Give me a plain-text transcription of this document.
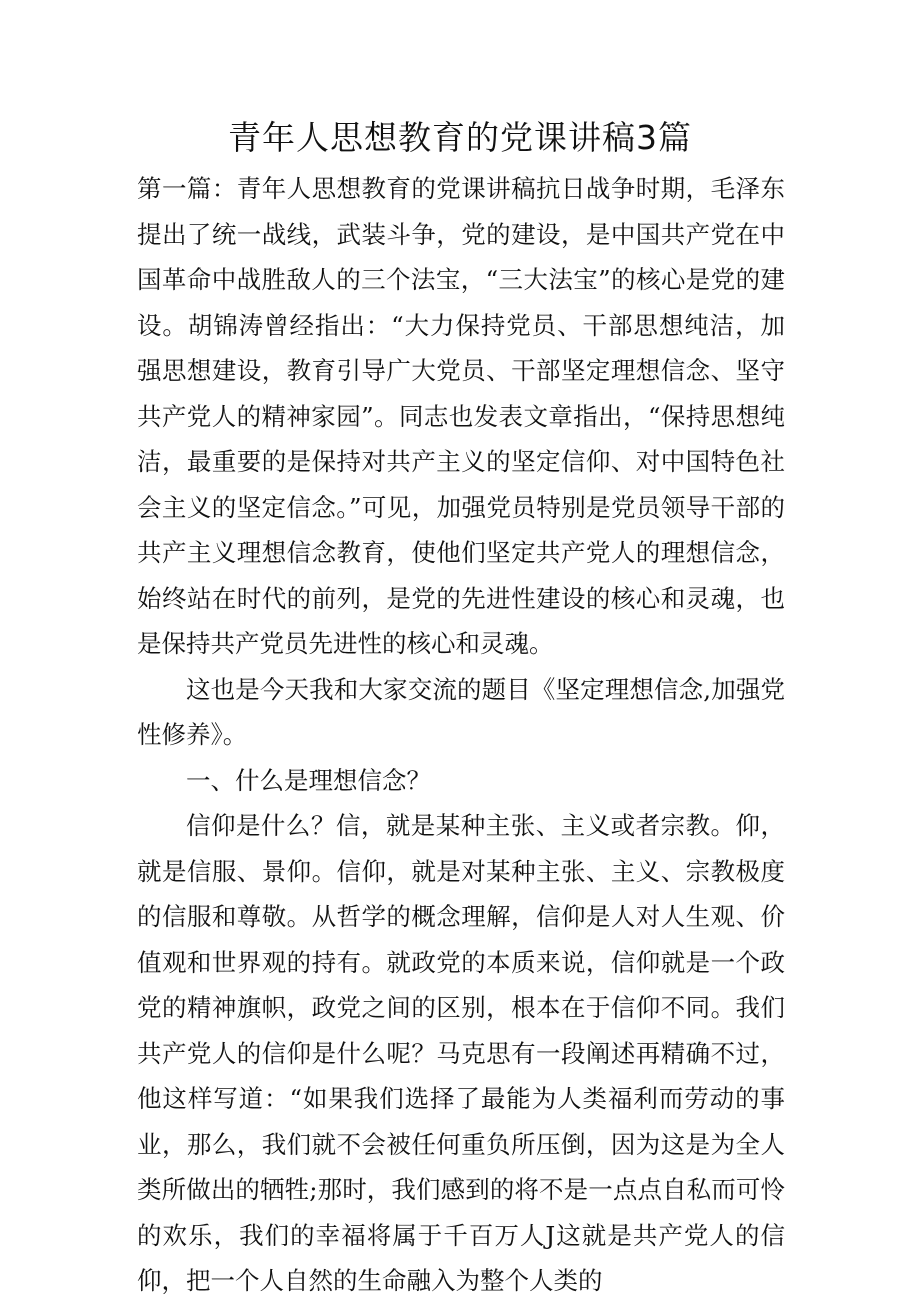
青年人思想教育的党课讲稿3篇

第一篇：青年人思想教育的党课讲稿抗日战争时期，毛泽东提出了统一战线，武装斗争，党的建设，是中国共产党在中国革命中战胜敌人的三个法宝，“三大法宝”的核心是党的建设。胡锦涛曾经指出：“大力保持党员、干部思想纯洁，加强思想建设，教育引导广大党员、干部坚定理想信念、坚守共产党人的精神家园”。同志也发表文章指出，“保持思想纯洁，最重要的是保持对共产主义的坚定信仰、对中国特色社会主义的坚定信念。”可见，加强党员特别是党员领导干部的共产主义理想信念教育，使他们坚定共产党人的理想信念，始终站在时代的前列，是党的先进性建设的核心和灵魂，也是保持共产党员先进性的核心和灵魂。

这也是今天我和大家交流的题目《坚定理想信念,加强党性修养》。

一、什么是理想信念？

信仰是什么？信，就是某种主张、主义或者宗教。仰，就是信服、景仰。信仰，就是对某种主张、主义、宗教极度的信服和尊敬。从哲学的概念理解，信仰是人对人生观、价值观和世界观的持有。就政党的本质来说，信仰就是一个政党的精神旗帜，政党之间的区别，根本在于信仰不同。我们共产党人的信仰是什么呢？马克思有一段阐述再精确不过，他这样写道：“如果我们选择了最能为人类福利而劳动的事业，那么，我们就不会被任何重负所压倒，因为这是为全人类所做出的牺牲;那时，我们感到的将不是一点点自私而可怜的欢乐，我们的幸福将属于千百万人J这就是共产党人的信仰，把一个人自然的生命融入为整个人类的
